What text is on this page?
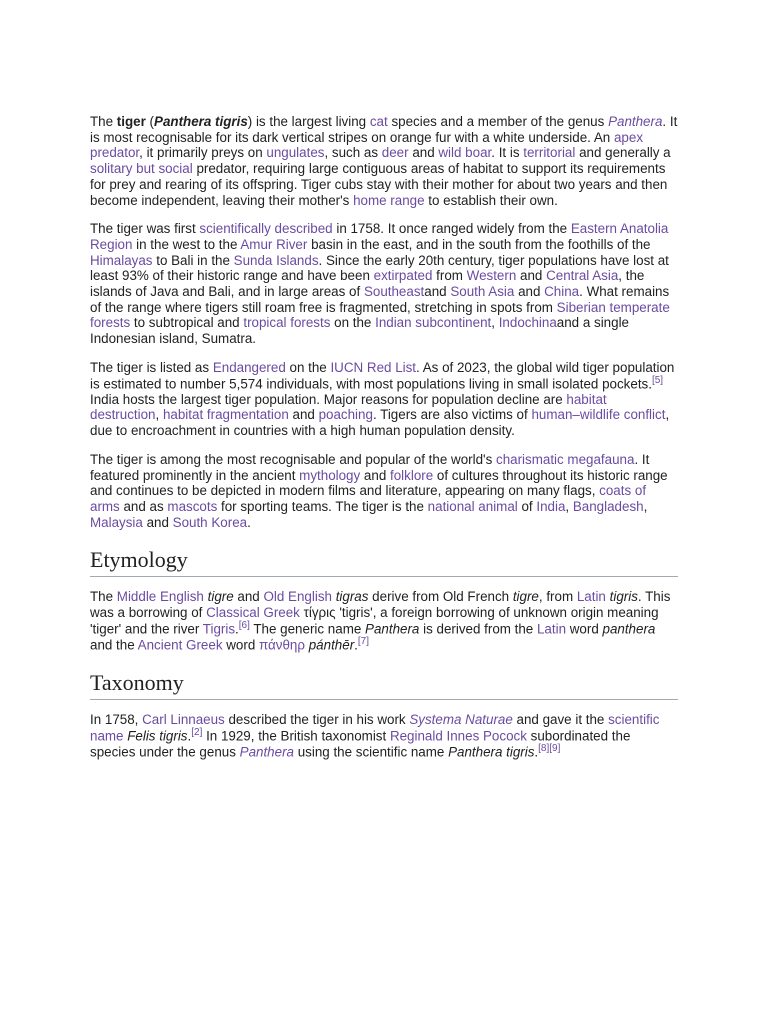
The tiger (Panthera tigris) is the largest living cat species and a member of the genus Panthera. It is most recognisable for its dark vertical stripes on orange fur with a white underside. An apex predator, it primarily preys on ungulates, such as deer and wild boar. It is territorial and generally a solitary but social predator, requiring large contiguous areas of habitat to support its requirements for prey and rearing of its offspring. Tiger cubs stay with their mother for about two years and then become independent, leaving their mother's home range to establish their own.

The tiger was first scientifically described in 1758. It once ranged widely from the Eastern Anatolia Region in the west to the Amur River basin in the east, and in the south from the foothills of the Himalayas to Bali in the Sunda Islands. Since the early 20th century, tiger populations have lost at least 93% of their historic range and have been extirpated from Western and Central Asia, the islands of Java and Bali, and in large areas of Southeastand South Asia and China. What remains of the range where tigers still roam free is fragmented, stretching in spots from Siberian temperate forests to subtropical and tropical forests on the Indian subcontinent, Indochinaand a single Indonesian island, Sumatra.

The tiger is listed as Endangered on the IUCN Red List. As of 2023, the global wild tiger population is estimated to number 5,574 individuals, with most populations living in small isolated pockets.[5] India hosts the largest tiger population. Major reasons for population decline are habitat destruction, habitat fragmentation and poaching. Tigers are also victims of human–wildlife conflict, due to encroachment in countries with a high human population density.

The tiger is among the most recognisable and popular of the world's charismatic megafauna. It featured prominently in the ancient mythology and folklore of cultures throughout its historic range and continues to be depicted in modern films and literature, appearing on many flags, coats of arms and as mascots for sporting teams. The tiger is the national animal of India, Bangladesh, Malaysia and South Korea.

Etymology

The Middle English tigre and Old English tigras derive from Old French tigre, from Latin tigris. This was a borrowing of Classical Greek τίγρις 'tigris', a foreign borrowing of unknown origin meaning 'tiger' and the river Tigris.[6] The generic name Panthera is derived from the Latin word panthera and the Ancient Greek word πάνθηρ pánthēr.[7]

Taxonomy

In 1758, Carl Linnaeus described the tiger in his work Systema Naturae and gave it the scientific name Felis tigris.[2] In 1929, the British taxonomist Reginald Innes Pocock subordinated the species under the genus Panthera using the scientific name Panthera tigris.[8][9]
